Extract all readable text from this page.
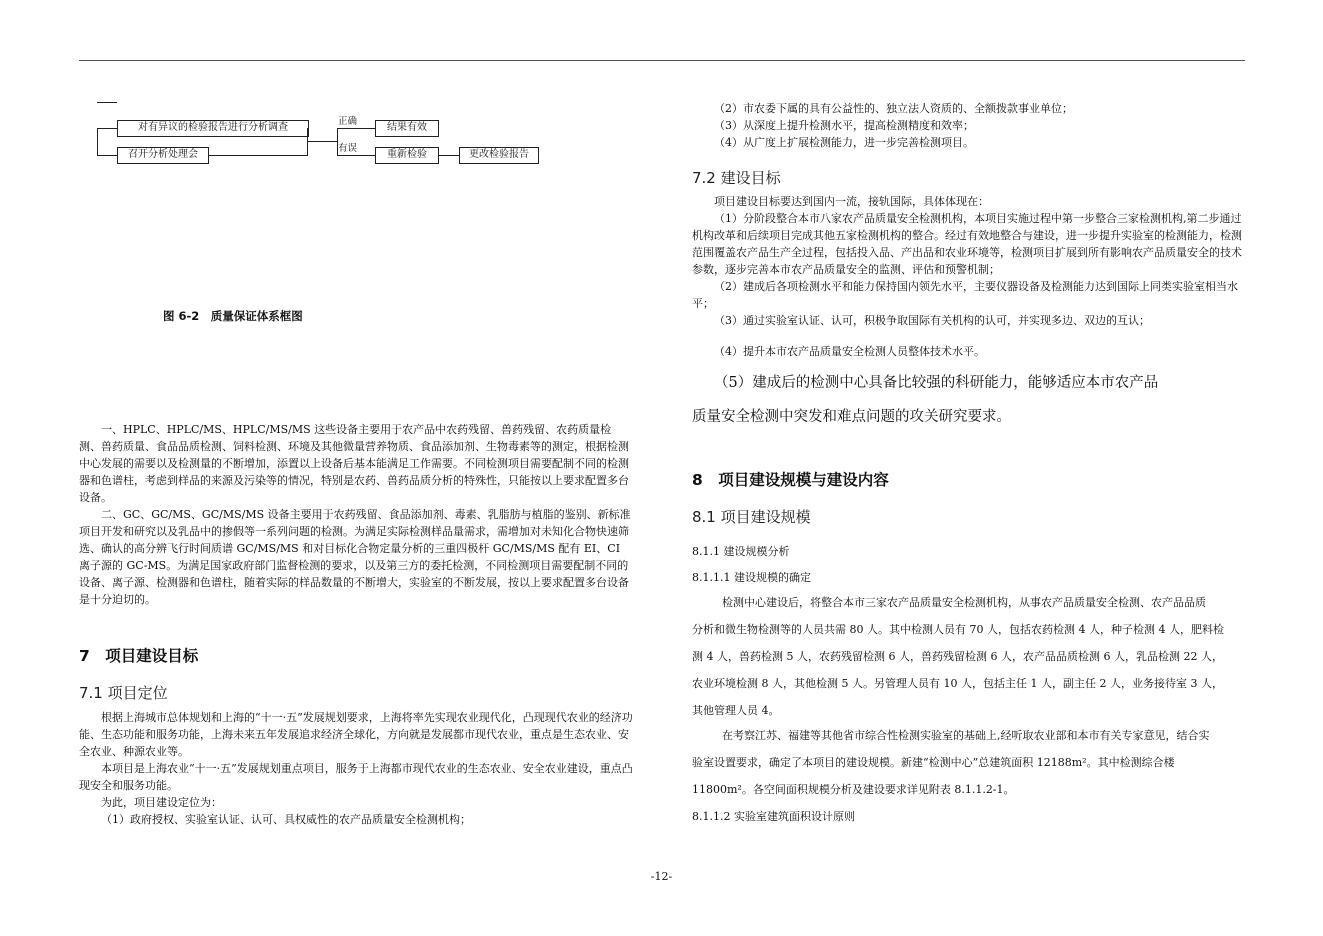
对有异议的检验报告进行分析调查
召开分析处理会
正确
有误
结果有效
重新检验	更改检验报告
图 6-2　质量保证体系框图

一、HPLC、HPLC/MS、HPLC/MS/MS 这些设备主要用于农产品中农药残留、兽药残留、农药质量检测、兽药质量、食品品质检测、饲料检测、环境及其他微量营养物质、食品添加剂、生物毒素等的测定，根据检测中心发展的需要以及检测量的不断增加，添置以上设备后基本能满足工作需要。不同检测项目需要配制不同的检测器和色谱柱，考虑到样品的来源及污染等的情况，特别是农药、兽药品质分析的特殊性，只能按以上要求配置多台设备。

二、GC、GC/MS、GC/MS/MS 设备主要用于农药残留、食品添加剂、毒素、乳脂肪与植脂的鉴别、新标准项目开发和研究以及乳品中的掺假等一系列问题的检测。为满足实际检测样品量需求，需增加对未知化合物快速筛选、确认的高分辨飞行时间质谱 GC/MS/MS 和对目标化合物定量分析的三重四极杆 GC/MS/MS 配有 EI、CI 离子源的 GC-MS。为满足国家政府部门监督检测的要求，以及第三方的委托检测，不同检测项目需要配制不同的设备、离子源、检测器和色谱柱，随着实际的样品数量的不断增大，实验室的不断发展，按以上要求配置多台设备是十分迫切的。

7　项目建设目标
7.1 项目定位

根据上海城市总体规划和上海的“十一·五”发展规划要求，上海将率先实现农业现代化，凸现现代农业的经济功能、生态功能和服务功能，上海未来五年发展追求经济全球化，方向就是发展都市现代农业，重点是生态农业、安全农业、种源农业等。

本项目是上海农业“十一·五”发展规划重点项目，服务于上海都市现代农业的生态农业、安全农业建设，重点凸现安全和服务功能。

为此，项目建设定位为：

（1）政府授权、实验室认证、认可、具权威性的农产品质量安全检测机构；

（2）市农委下属的具有公益性的、独立法人资质的、全额拨款事业单位；

（3）从深度上提升检测水平，提高检测精度和效率；

（4）从广度上扩展检测能力，进一步完善检测项目。

7.2 建设目标

项目建设目标要达到国内一流，接轨国际，具体体现在：

（1）分阶段整合本市八家农产品质量安全检测机构，本项目实施过程中第一步整合三家检测机构,第二步通过机构改革和后续项目完成其他五家检测机构的整合。经过有效地整合与建设，进一步提升实验室的检测能力，检测范围覆盖农产品生产全过程，包括投入品、产出品和农业环境等，检测项目扩展到所有影响农产品质量安全的技术参数，逐步完善本市农产品质量安全的监测、评估和预警机制；

（2）建成后各项检测水平和能力保持国内领先水平，主要仪器设备及检测能力达到国际上同类实验室相当水平；

（3）通过实验室认证、认可，积极争取国际有关机构的认可，并实现多边、双边的互认；

（4）提升本市农产品质量安全检测人员整体技术水平。
（5）建成后的检测中心具备比较强的科研能力，能够适应本市农产品
质量安全检测中突发和难点问题的攻关研究要求。
8　项目建设规模与建设内容
8.1 项目建设规模
8.1.1 建设规模分析
8.1.1.1 建设规模的确定
检测中心建设后，将整合本市三家农产品质量安全检测机构，从事农产品质量安全检测、农产品品质
分析和微生物检测等的人员共需 80 人。其中检测人员有 70 人，包括农药检测 4 人，种子检测 4 人，肥料检
测 4 人，兽药检测 5 人，农药残留检测 6 人，兽药残留检测 6 人，农产品品质检测 6 人，乳品检测 22 人，
农业环境检测 8 人，其他检测 5 人。另管理人员有 10 人，包括主任 1 人，副主任 2 人，业务接待室 3 人，
其他管理人员 4。
在考察江苏、福建等其他省市综合性检测实验室的基础上,经听取农业部和本市有关专家意见，结合实
验室设置要求，确定了本项目的建设规模。新建“检测中心”总建筑面积 12188m²。其中检测综合楼
11800m²。各空间面积规模分析及建设要求详见附表 8.1.1.2-1。
8.1.1.2 实验室建筑面积设计原则
-12-
